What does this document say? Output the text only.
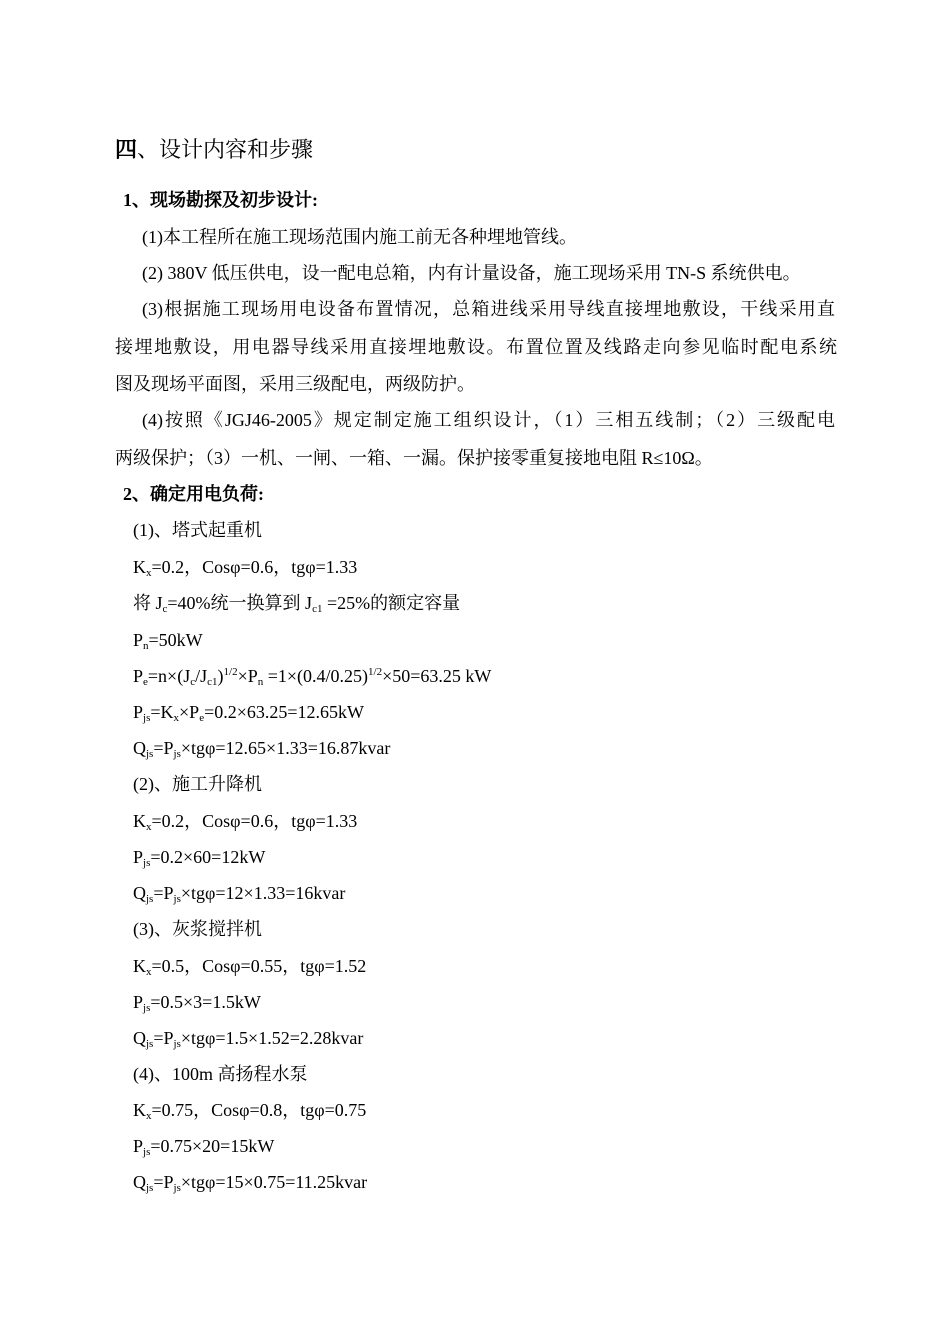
四、设计内容和步骤
1、现场勘探及初步设计:
(1)本工程所在施工现场范围内施工前无各种埋地管线。
(2) 380V 低压供电，设一配电总箱，内有计量设备，施工现场采用 TN-S 系统供电。
(3)根据施工现场用电设备布置情况，总箱进线采用导线直接埋地敷设，干线采用直
接埋地敷设，用电器导线采用直接埋地敷设。布置位置及线路走向参见临时配电系统
图及现场平面图，采用三级配电，两级防护。
(4)按照《JGJ46-2005》规定制定施工组织设计，（1）三相五线制；（2）三级配电
两级保护；（3）一机、一闸、一箱、一漏。保护接零重复接地电阻 R≤10Ω。
2、确定用电负荷:
(1)、塔式起重机
$K_x=0.2$，Cosφ=0.6，tgφ=1.33
将 $J_c=40\%$统一换算到 $J_{c1} =25\%$的额定容量
$P_n=50kW$
$P_e=n\times(J_c/J_{c1})^{1/2}\times P_n =1\times(0.4/0.25)^{1/2}\times 50=63.25$ kW
$P_{js}=K_x\times P_e=0.2\times 63.25=12.65kW$
$Q_{js}=P_{js}\times tg\varphi=12.65\times 1.33=16.87kvar$
(2)、施工升降机
$K_x=0.2$，Cosφ=0.6，tgφ=1.33
$P_{js}=0.2\times 60=12kW$
$Q_{js}=P_{js}\times tg\varphi=12\times 1.33=16kvar$
(3)、灰浆搅拌机
$K_x=0.5$，Cosφ=0.55，tgφ=1.52
$P_{js}=0.5\times 3=1.5kW$
$Q_{js}=P_{js}\times tg\varphi=1.5\times 1.52=2.28kvar$
(4)、100m 高扬程水泵
$K_x=0.75$，Cosφ=0.8，tgφ=0.75
$P_{js}=0.75\times 20=15kW$
$Q_{js}=P_{js}\times tg\varphi=15\times 0.75=11.25kvar$
